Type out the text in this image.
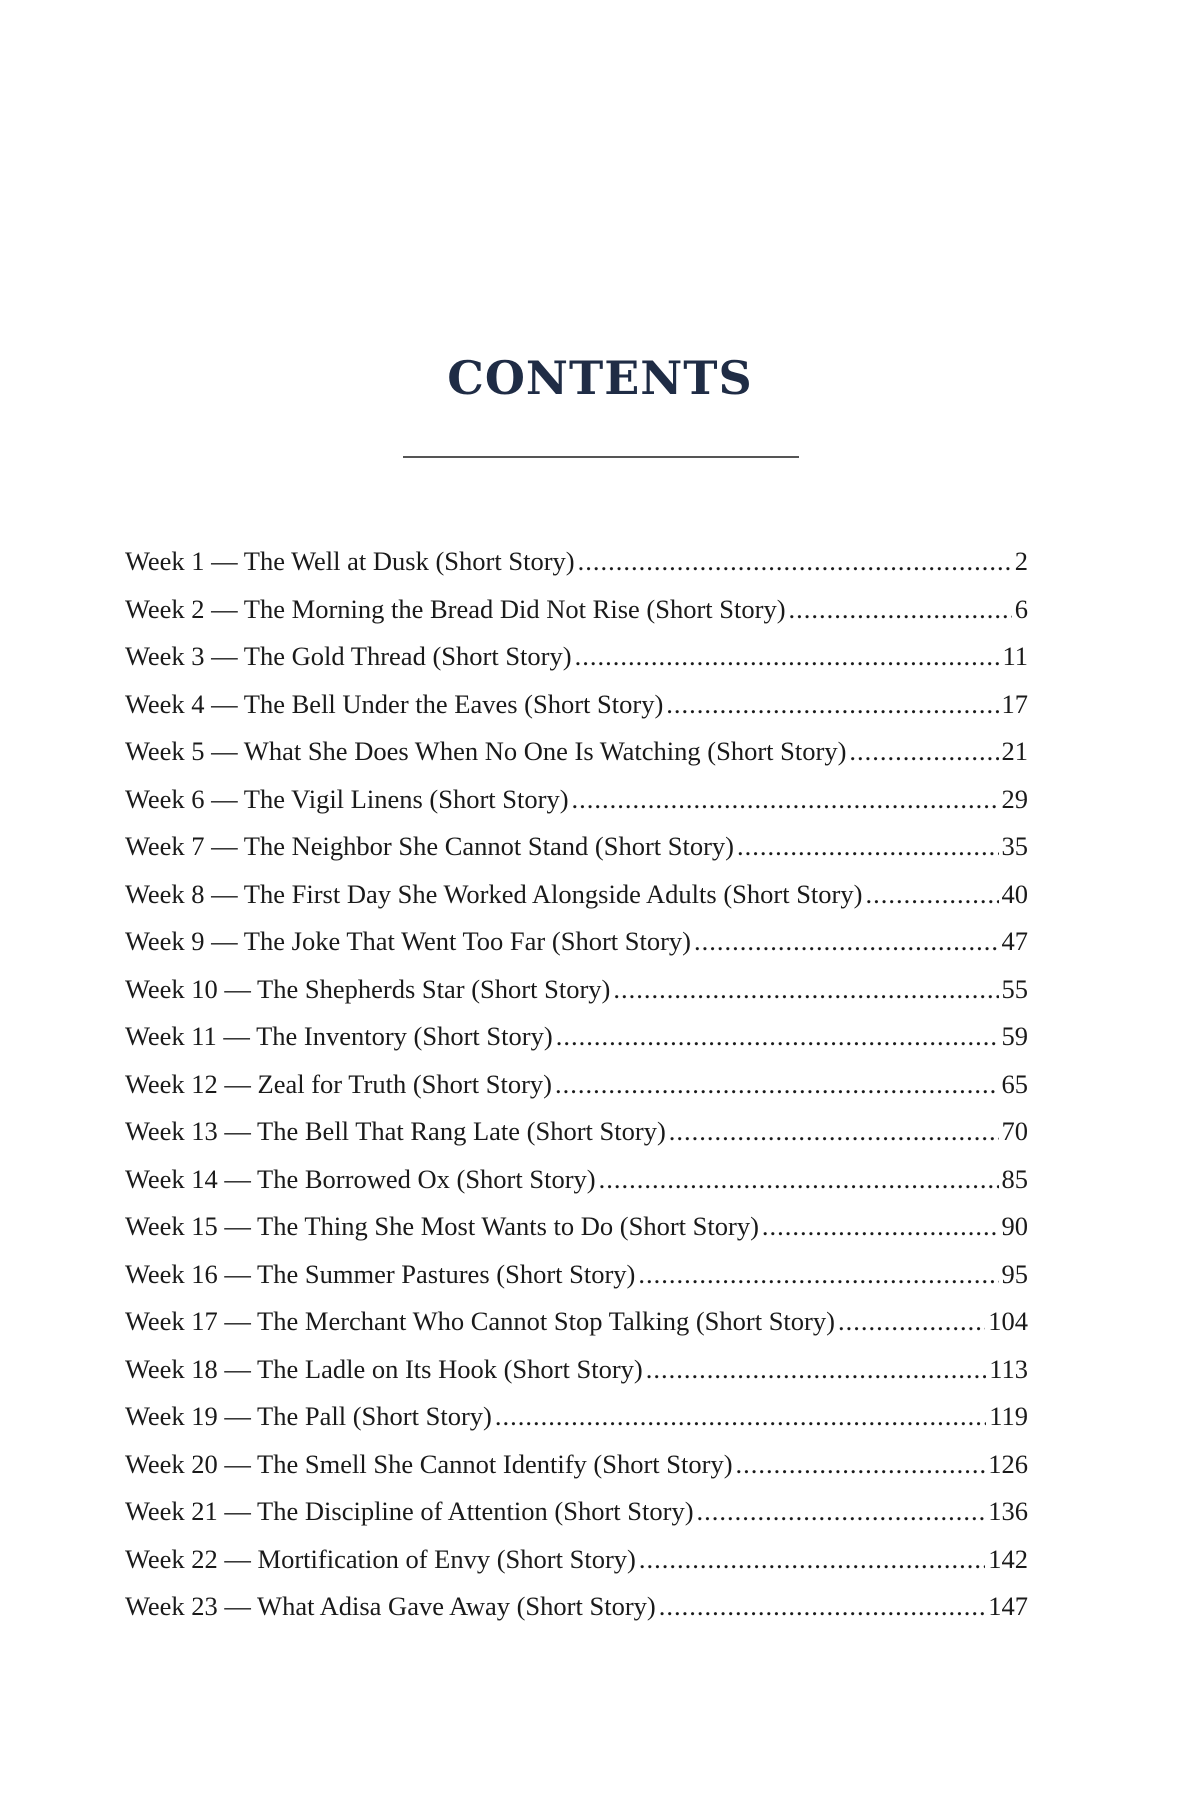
CONTENTS
Week 1 — The Well at Dusk (Short Story) .....	2
Week 2 — The Morning the Bread Did Not Rise (Short Story) .....	6
Week 3 — The Gold Thread (Short Story) .....	11
Week 4 — The Bell Under the Eaves (Short Story) .....	17
Week 5 — What She Does When No One Is Watching (Short Story) .....	21
Week 6 — The Vigil Linens (Short Story) .....	29
Week 7 — The Neighbor She Cannot Stand (Short Story) .....	35
Week 8 — The First Day She Worked Alongside Adults (Short Story) .....	40
Week 9 — The Joke That Went Too Far (Short Story) .....	47
Week 10 — The Shepherds Star (Short Story) .....	55
Week 11 — The Inventory (Short Story) .....	59
Week 12 — Zeal for Truth (Short Story) .....	65
Week 13 — The Bell That Rang Late (Short Story) .....	70
Week 14 — The Borrowed Ox (Short Story) .....	85
Week 15 — The Thing She Most Wants to Do (Short Story) .....	90
Week 16 — The Summer Pastures (Short Story) .....	95
Week 17 — The Merchant Who Cannot Stop Talking (Short Story) .....	104
Week 18 — The Ladle on Its Hook (Short Story) .....	113
Week 19 — The Pall (Short Story) .....	119
Week 20 — The Smell She Cannot Identify (Short Story) .....	126
Week 21 — The Discipline of Attention (Short Story) .....	136
Week 22 — Mortification of Envy (Short Story) .....	142
Week 23 — What Adisa Gave Away (Short Story) .....	147
